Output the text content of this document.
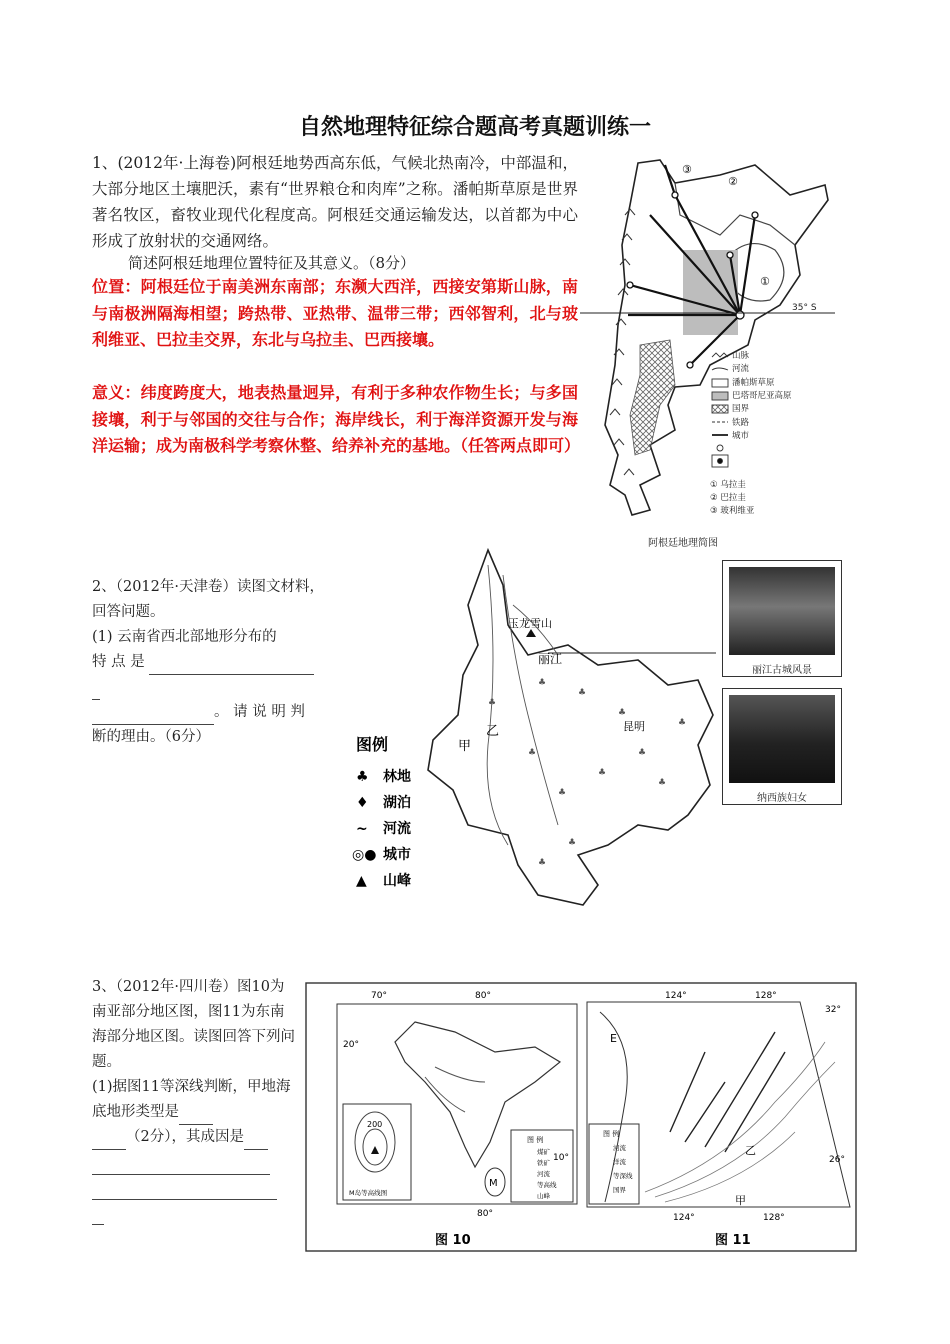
自然地理特征综合题高考真题训练一
1、(2012年·上海卷)阿根廷地势西高东低，气候北热南冷，中部温和，大部分地区土壤肥沃，素有“世界粮仓和肉库”之称。潘帕斯草原是世界著名牧区，畜牧业现代化程度高。阿根廷交通运输发达，以首都为中心形成了放射状的交通网络。
简述阿根廷地理位置特征及其意义。（8分）
位置：阿根廷位于南美洲东南部；东濒大西洋，西接安第斯山脉，南与南极洲隔海相望；跨热带、亚热带、温带三带；西邻智利，北与玻利维亚、巴拉圭交界，东北与乌拉圭、巴西接壤。
意义：纬度跨度大，地表热量迥异，有利于多种农作物生长；与多国接壤，利于与邻国的交往与合作；海岸线长，利于海洋资源开发与海洋运输；成为南极科学考察休整、给养补充的基地。（任答两点即可）
35° S
③
②
①
山脉
河流
潘帕斯草原
巴塔哥尼亚高原
国界
铁路
城市
① 乌拉圭
② 巴拉圭
③ 玻利维亚
阿根廷地理简图
2、（2012年·天津卷）读图文材料，回答问题。
(1) 云南省西北部地形分布的
特 点 是
。 请 说 明 判 断的理由。（6分）
♣
♣
♣
♣
♣
♣
♣
♣
♣
♣
♣
♣
玉龙雪山
丽江
甲
乙	昆明
图例
♣ 林地
♦ 湖泊
~ 河流
◎● 城市
▲ 山峰
丽江古城风景
纳西族妇女
3、（2012年·四川卷）图10为南亚部分地区图，图11为东南海部分地区图。读图回答下列问题。
(1)据图11等深线判断，甲地海底地形类型是
（2分），其成因是
200
M岛等高线图
M
图 例
煤矿
铁矿
河流
等高线
山峰
70°	80°
20°
10°
80°
图 10
图 例
河流
洋流
等深线
国界
E
乙
甲
124°	128°
32°
26°
124°	128°
图 11
